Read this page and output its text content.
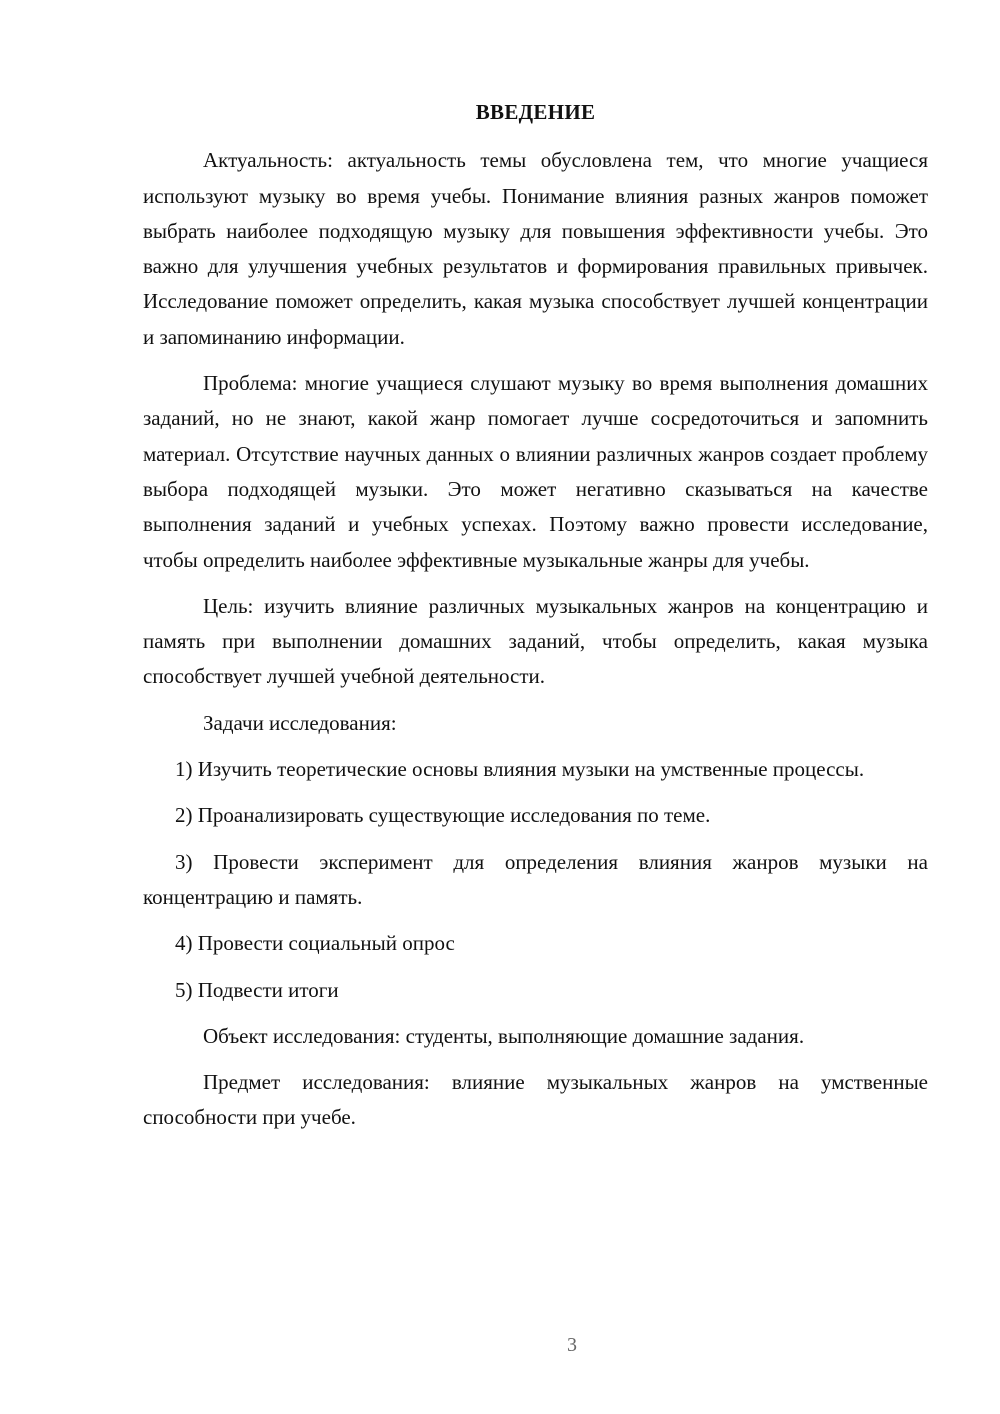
ВВЕДЕНИЕ

Актуальность: актуальность темы обусловлена тем, что многие учащиеся используют музыку во время учебы. Понимание влияния разных жанров поможет выбрать наиболее подходящую музыку для повышения эффективности учебы. Это важно для улучшения учебных результатов и формирования правильных привычек. Исследование поможет определить, какая музыка способствует лучшей концентрации и запоминанию информации.

Проблема: многие учащиеся слушают музыку во время выполнения домашних заданий, но не знают, какой жанр помогает лучше сосредоточиться и запомнить материал. Отсутствие научных данных о влиянии различных жанров создает проблему выбора подходящей музыки. Это может негативно сказываться на качестве выполнения заданий и учебных успехах. Поэтому важно провести исследование, чтобы определить наиболее эффективные музыкальные жанры для учебы.

Цель: изучить влияние различных музыкальных жанров на концентрацию и память при выполнении домашних заданий, чтобы определить, какая музыка способствует лучшей учебной деятельности.

Задачи исследования:

1) Изучить теоретические основы влияния музыки на умственные процессы.

2) Проанализировать существующие исследования по теме.

3) Провести эксперимент для определения влияния жанров музыки на концентрацию и память.

4) Провести социальный опрос

5) Подвести итоги

Объект исследования: студенты, выполняющие домашние задания.

Предмет исследования: влияние музыкальных жанров на умственные способности при учебе.

3
